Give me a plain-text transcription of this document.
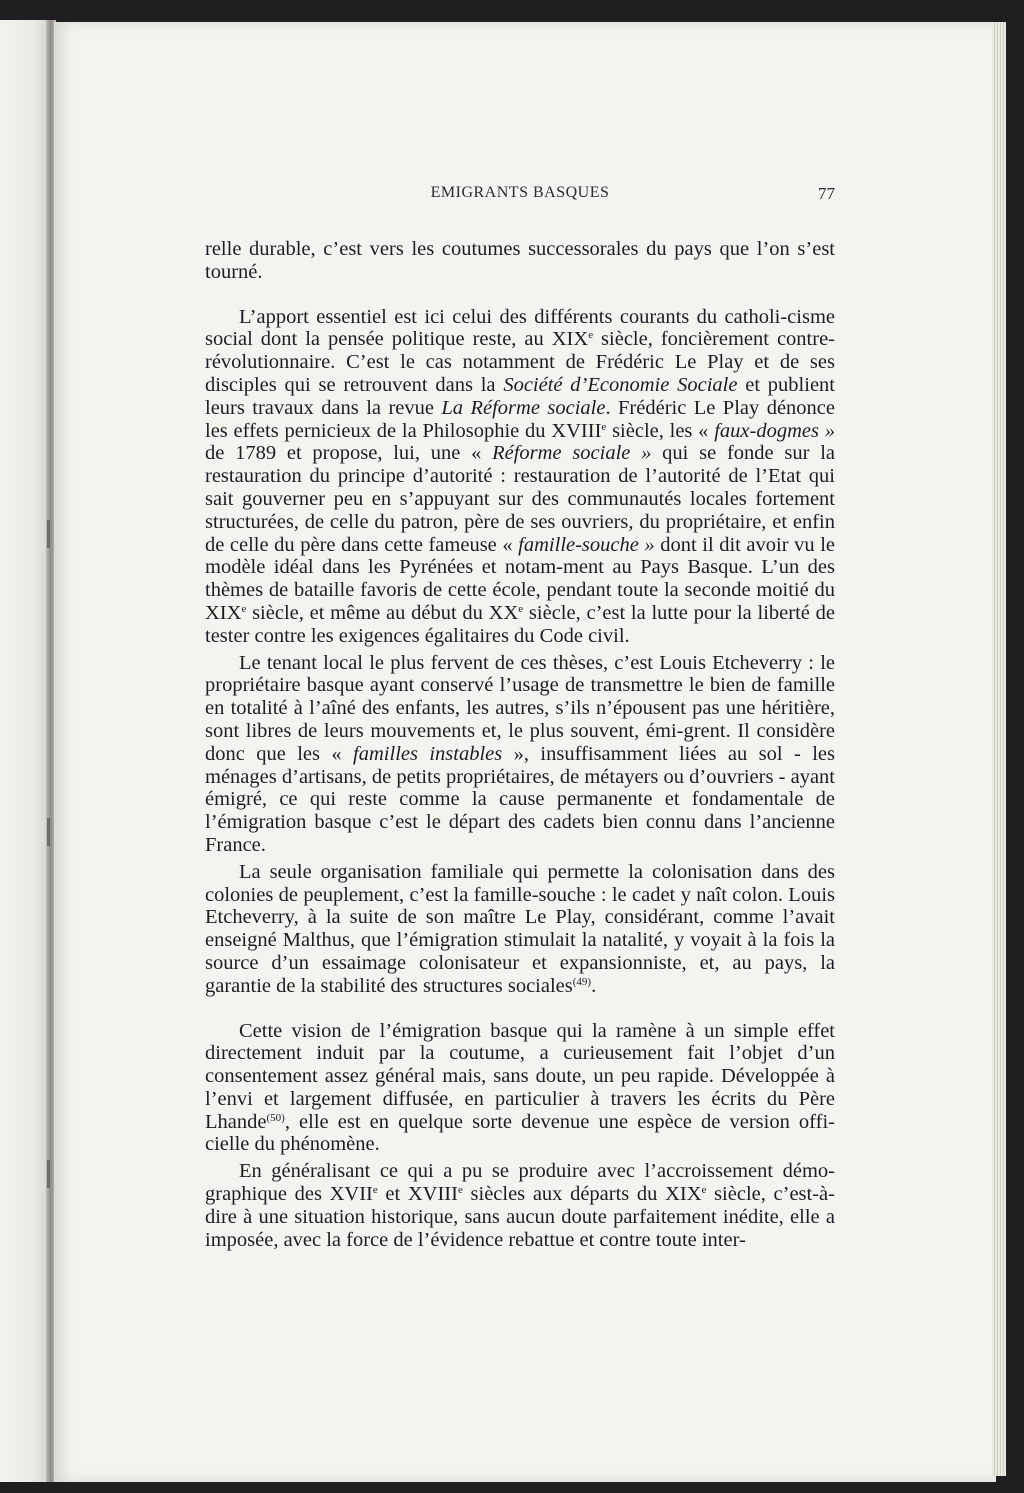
EMIGRANTS BASQUES	77

relle durable, c’est vers les coutumes successorales du pays que l’on s’est tourné.

L’apport essentiel est ici celui des différents courants du catholi-cisme social dont la pensée politique reste, au XIXe siècle, foncièrement contre-révolutionnaire. C’est le cas notamment de Frédéric Le Play et de ses disciples qui se retrouvent dans la Société d’Economie Sociale et publient leurs travaux dans la revue La Réforme sociale. Frédéric Le Play dénonce les effets pernicieux de la Philosophie du XVIIIe siècle, les « faux-dogmes » de 1789 et propose, lui, une « Réforme sociale » qui se fonde sur la restauration du principe d’autorité : restauration de l’autorité de l’Etat qui sait gouverner peu en s’appuyant sur des communautés locales fortement structurées, de celle du patron, père de ses ouvriers, du propriétaire, et enfin de celle du père dans cette fameuse « famille-souche » dont il dit avoir vu le modèle idéal dans les Pyrénées et notam-ment au Pays Basque. L’un des thèmes de bataille favoris de cette école, pendant toute la seconde moitié du XIXe siècle, et même au début du XXe siècle, c’est la lutte pour la liberté de tester contre les exigences égalitaires du Code civil.

Le tenant local le plus fervent de ces thèses, c’est Louis Etcheverry : le propriétaire basque ayant conservé l’usage de transmettre le bien de famille en totalité à l’aîné des enfants, les autres, s’ils n’épousent pas une héritière, sont libres de leurs mouvements et, le plus souvent, émi-grent. Il considère donc que les « familles instables », insuffisamment liées au sol - les ménages d’artisans, de petits propriétaires, de métayers ou d’ouvriers - ayant émigré, ce qui reste comme la cause permanente et fondamentale de l’émigration basque c’est le départ des cadets bien connu dans l’ancienne France.

La seule organisation familiale qui permette la colonisation dans des colonies de peuplement, c’est la famille-souche : le cadet y naît colon. Louis Etcheverry, à la suite de son maître Le Play, considérant, comme l’avait enseigné Malthus, que l’émigration stimulait la natalité, y voyait à la fois la source d’un essaimage colonisateur et expansionniste, et, au pays, la garantie de la stabilité des structures sociales$^{(49)}$.

Cette vision de l’émigration basque qui la ramène à un simple effet directement induit par la coutume, a curieusement fait l’objet d’un consentement assez général mais, sans doute, un peu rapide. Développée à l’envi et largement diffusée, en particulier à travers les écrits du Père Lhande$^{(50)}$, elle est en quelque sorte devenue une espèce de version offi-cielle du phénomène.

En généralisant ce qui a pu se produire avec l’accroissement démo-graphique des XVIIe et XVIIIe siècles aux départs du XIXe siècle, c’est-à-dire à une situation historique, sans aucun doute parfaitement inédite, elle a imposée, avec la force de l’évidence rebattue et contre toute inter-
